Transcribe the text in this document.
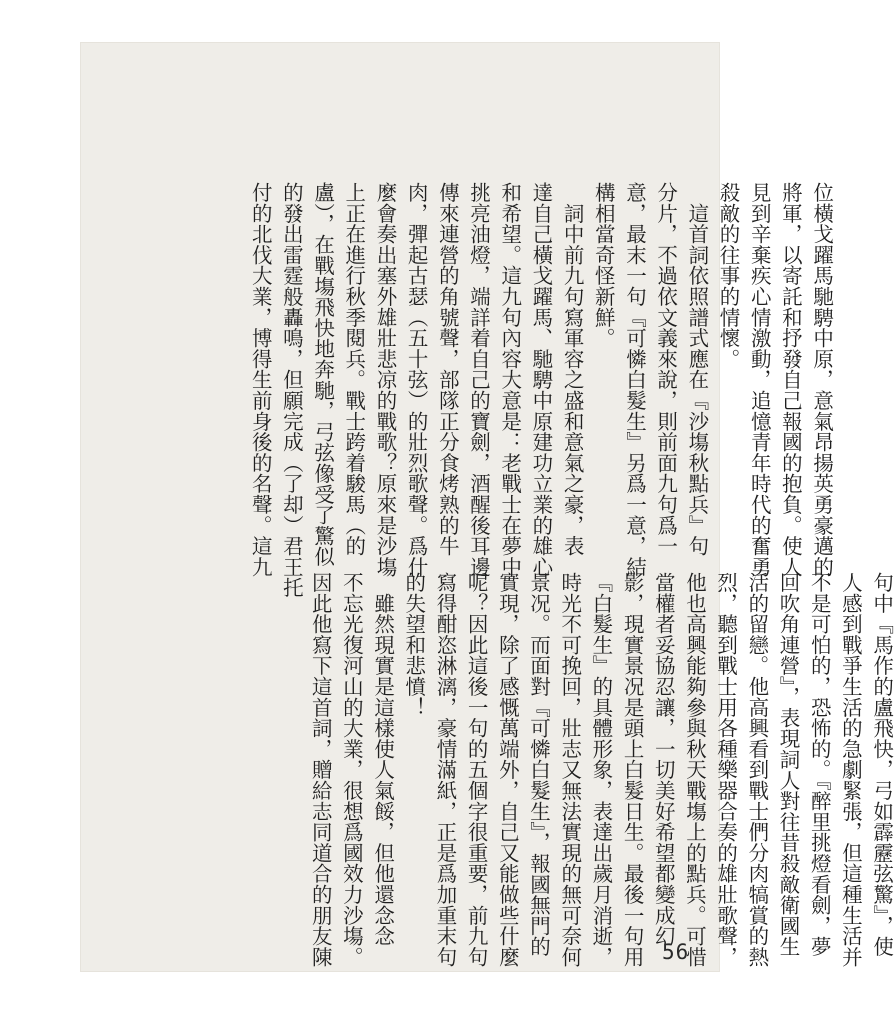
位橫戈躍馬馳騁中原，意氣昂揚英勇豪邁的
將軍，以寄託和抒發自己報國的抱負。使人
見到辛棄疾心情激動，追憶青年時代的奮勇
殺敵的往事的情懷。
　這首詞依照譜式應在『沙塲秋點兵』句
分片，不過依文義來說，則前面九句爲一
意，最末一句『可憐白髮生』另爲一意，結
構相當奇怪新鮮。
　詞中前九句寫軍容之盛和意氣之豪，表
達自己橫戈躍馬、馳騁中原建功立業的雄心
和希望。這九句內容大意是：老戰士在夢中
挑亮油燈，端詳着自己的寶劍，酒醒後耳邊
傳來連營的角號聲，部隊正分食烤熟的牛
肉，彈起古瑟（五十弦）的壯烈歌聲。爲什
麼會奏出塞外雄壯悲凉的戰歌？原來是沙塲
上正在進行秋季閱兵。戰士跨着駿馬（的
盧），在戰塲飛快地奔馳，弓弦像受了驚似
的發出雷霆般轟鳴，但願完成（了却）君王托
付的北伐大業，博得生前身後的名聲。這九
句中『馬作的盧飛快，弓如霹靂弦驚』，使
人感到戰爭生活的急劇緊張，但這種生活并
不是可怕的，恐怖的。『醉里挑燈看劍，夢
回吹角連營』，表現詞人對往昔殺敵衛國生
活的留戀。他高興看到戰士們分肉犒賞的熱
烈，聽到戰士用各種樂器合奏的雄壯歌聲，
他也高興能夠參與秋天戰塲上的點兵。可惜
當權者妥協忍讓，一切美好希望都變成幻
影，現實景况是頭上白髮日生。最後一句用
『白髮生』的具體形象，表達出歲月消逝，
時光不可挽回，壯志又無法實現的無可奈何
景况。而面對『可憐白髮生』，報國無門的
實現，除了感慨萬端外，自己又能做些什麼
呢？因此這後一句的五個字很重要，前九句
寫得酣恣淋漓，豪情滿紙，正是爲加重末句
的失望和悲憤！
　雖然現實是這樣使人氣餒，但他還念念
不忘光復河山的大業，很想爲國效力沙塲。
因此他寫下這首詞，贈給志同道合的朋友陳	56
